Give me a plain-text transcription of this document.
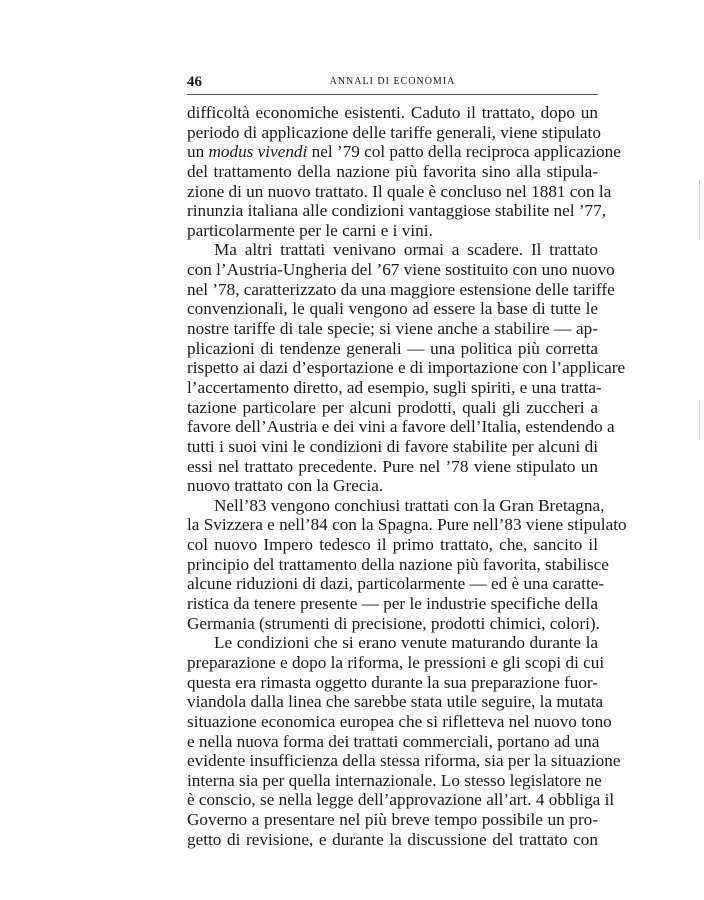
46	ANNALI DI ECONOMIA
difficoltà economiche esistenti. Caduto il trattato, dopo un
periodo di applicazione delle tariffe generali, viene stipulato
un modus vivendi nel ’79 col patto della reciproca applicazione
del trattamento della nazione più favorita sino alla stipula-
zione di un nuovo trattato. Il quale è concluso nel 1881 con la
rinunzia italiana alle condizioni vantaggiose stabilite nel ’77,
particolarmente per le carni e i vini.
Ma altri trattati venivano ormai a scadere. Il trattato
con l’Austria-Ungheria del ’67 viene sostituito con uno nuovo
nel ’78, caratterizzato da una maggiore estensione delle tariffe
convenzionali, le quali vengono ad essere la base di tutte le
nostre tariffe di tale specie; si viene anche a stabilire — ap-
plicazioni di tendenze generali — una politica più corretta
rispetto ai dazi d’esportazione e di importazione con l’applicare
l’accertamento diretto, ad esempio, sugli spiriti, e una tratta-
tazione particolare per alcuni prodotti, quali gli zuccheri a
favore dell’Austria e dei vini a favore dell’Italia, estendendo a
tutti i suoi vini le condizioni di favore stabilite per alcuni di
essi nel trattato precedente. Pure nel ’78 viene stipulato un
nuovo trattato con la Grecia.
Nell’83 vengono conchiusi trattati con la Gran Bretagna,
la Svizzera e nell’84 con la Spagna. Pure nell’83 viene stipulato
col nuovo Impero tedesco il primo trattato, che, sancito il
principio del trattamento della nazione più favorita, stabilisce
alcune riduzioni di dazi, particolarmente — ed è una caratte-
ristica da tenere presente — per le industrie specifiche della
Germania (strumenti di precisione, prodotti chimici, colori).
Le condizioni che si erano venute maturando durante la
preparazione e dopo la riforma, le pressioni e gli scopi di cui
questa era rimasta oggetto durante la sua preparazione fuor-
viandola dalla linea che sarebbe stata utile seguire, la mutata
situazione economica europea che si rifletteva nel nuovo tono
e nella nuova forma dei trattati commerciali, portano ad una
evidente insufficienza della stessa riforma, sia per la situazione
interna sia per quella internazionale. Lo stesso legislatore ne
è conscio, se nella legge dell’approvazione all’art. 4 obbliga il
Governo a presentare nel più breve tempo possibile un pro-
getto di revisione, e durante la discussione del trattato con
